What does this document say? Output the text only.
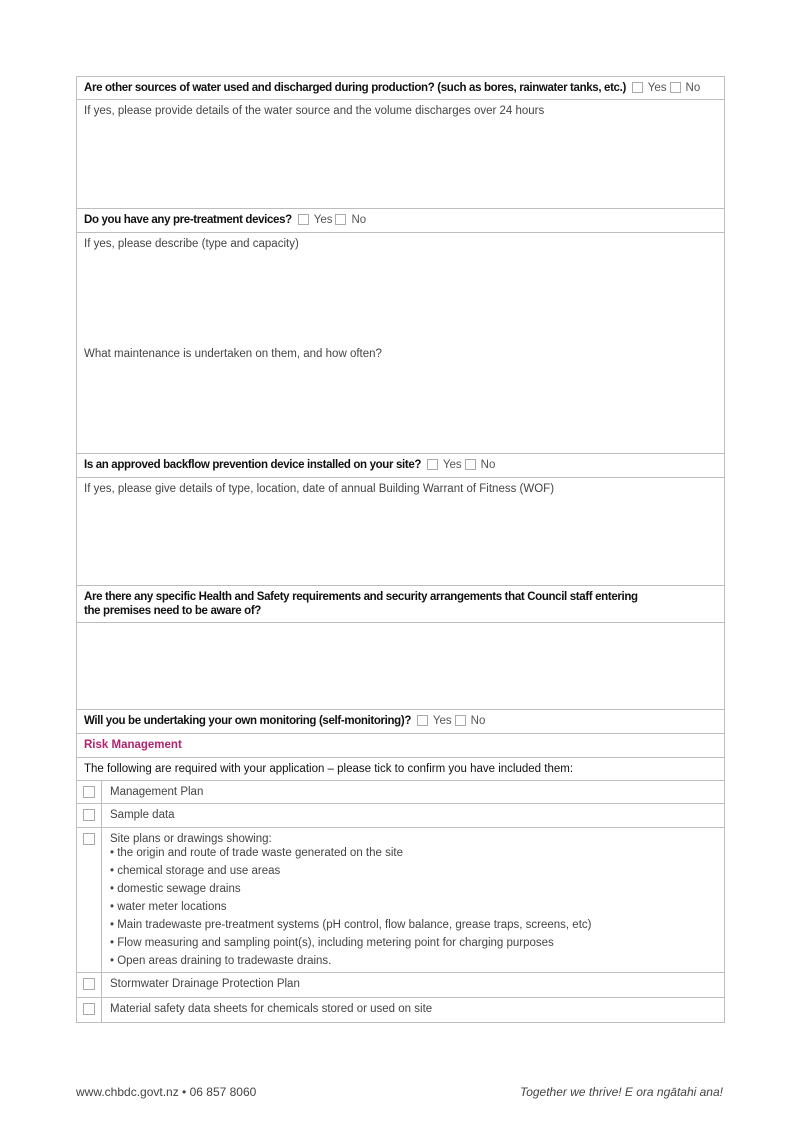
Are other sources of water used and discharged during production? (such as bores, rainwater tanks, etc.) Yes No
If yes, please provide details of the water source and the volume discharges over 24 hours
Do you have any pre-treatment devices? Yes No
If yes, please describe (type and capacity)
What maintenance is undertaken on them, and how often?
Is an approved backflow prevention device installed on your site? Yes No
If yes, please give details of type, location, date of annual Building Warrant of Fitness (WOF)
Are there any specific Health and Safety requirements and security arrangements that Council staff entering the premises need to be aware of?
Will you be undertaking your own monitoring (self-monitoring)? Yes No
Risk Management
The following are required with your application – please tick to confirm you have included them:
Management Plan
Sample data
Site plans or drawings showing:
• the origin and route of trade waste generated on the site
• chemical storage and use areas
• domestic sewage drains
• water meter locations
• Main tradewaste pre-treatment systems (pH control, flow balance, grease traps, screens, etc)
• Flow measuring and sampling point(s), including metering point for charging purposes
• Open areas draining to tradewaste drains.
Stormwater Drainage Protection Plan
Material safety data sheets for chemicals stored or used on site
www.chbdc.govt.nz • 06 857 8060	Together we thrive! E ora ngātahi ana!
